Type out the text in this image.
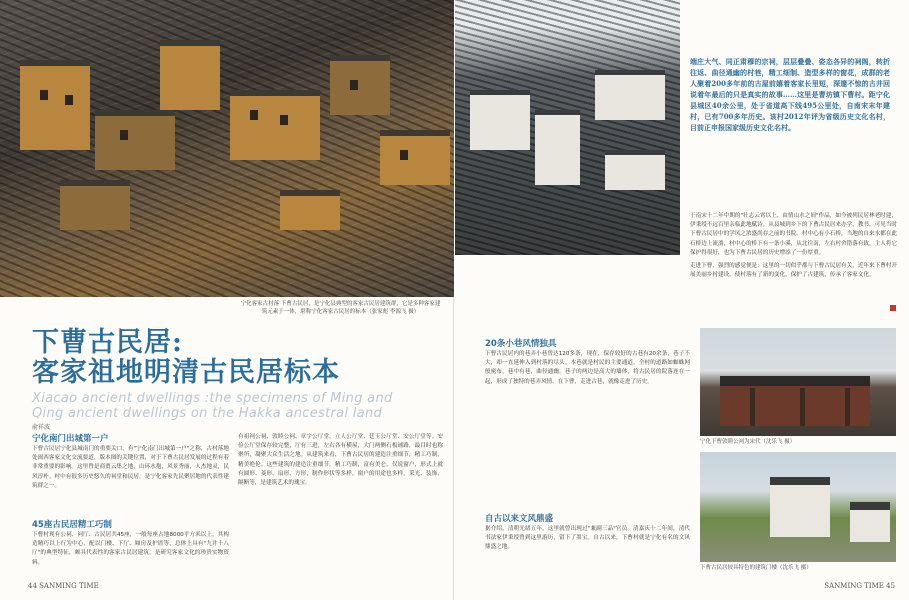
宁化客家古村落 下曹古民居，是宁化县典型的客家古民居建筑群，它是多种客家建筑元素于一体，堪称宁化客家古民居的标本（张家彪 李源飞 摄）
下曹古民居:
客家祖地明清古民居标本
Xiacao ancient dwellings :the specimens of Ming and
Qing ancient dwellings on the Hakka ancestral land
俞祥波
宁化南门出城第一户
下曹古民居宁化县城南门的重要关口，有"宁化南门出城第一户"之称，古村落地处闽西客家文化交流要道，版本图的关键位置，对于下曹古民居发展的过程有着非常重要的影响。这里曾是商贾云集之地，山环水抱，风景秀丽，人杰地灵，民风淳朴。村中有很多历史悠久的祠堂和民居，是宁化客家先民聚居地的代表性建筑群之一。
45座古民居精工巧制
下曹村现有公祠、祠厅、古民居共45座，一般每座占地8000平方米以上，其构造精巧以上行为中心，配以门楼、下厅、厢房及护厝等，总体上具有"九井十八厅"的典型特征，颇具代表性的客家古民居建筑，是研究客家文化的珍贵实物资料。
有祖祠公祠、敦睦公祠、章宇公厅堂，立人公厅堂、廷玉公厅堂、安公厅堂等。安俭公厅堂保存较完整，厅有三进，左右各有横屋，大门两侧石板铺路，最目时也称聚所，凝聚大众生活之地。从建筑来看，下曹古民居的建造注重细节，精工巧制，精美绝伦。这些建筑的建造注重细节。精工巧制，富有美仑，仅说窗户，形式上就有圆形、菱形、扇形、方形，制作形状等多样，窗户的用途也多样，采光、装饰、隔断等，是建筑艺术的瑰宝。
44 SANMING TIME
端庄大气、同正肃穆的宗祠，层层叠叠、姿态各异的祠阁，转折往返、曲径通幽的村巷，精工细制、造型多样的窗花，成群的老人聚着200多年前的古屋前嬉着客家长里短，深邃不惊的古井回说着年最后的只是真实的故事……这里是曹坊镇下曹村。距宁化县城区40余公里，处于省道高下线495公里处，自南宋末年建村，已有700多年历史。该村2012年评为省级历史文化名村，目前正申报国家级历史文化名村。
于南宋十二年中期的"壮志云霄以上，由情山水之间"作品，如今被列民居林老时建，伊秉绶不远百里亲临此地赋诗。从县城到乡下的下曹古民居来办学，教书，可见当时下曹古民居中的学风之浓盛尚存之前的书院。村中心有小石桥，当地的自来水都在此石桥边上流淌，村中心的桥下有一条小溪，从北往南，左右村舍错落有致，主人将它保护得很好，也为下曹古民居的历史增添了一份厚重。
走进下曹，强烈的感觉便是：这里的一切似乎都与下曹古民居有关，近年来下曹村开展美丽乡村建设，使村落有了新的变化，保护了古建筑，传承了客家文化。
20条小巷风情独具
下曹古民居内的巷弄小巷曾达120多条，现在，保存较好的古巷有20余条，巷子不大，却一直延伸入到村落的尽头。本巷就是村民的主要通道，全村的道路如蜘蛛网般密布，巷中有巷，曲径通幽。巷子的两边是高大的墙体，将古民居的院落连在一起，形成了独特的巷弄风情。在下曹，走进古巷，就像走进了历史。
自古以来文风鼎盛
据介绍，清朝光绪五年，这里就曾出现过"兼副三品"官员。清嘉庆十二年间，清代书法家伊秉绶曾到这里游历，留下了墨宝。自古以来，下曹村就是宁化有名的文风鼎盛之地。
宁化下曹敦睦公祠为宋代（沈乐飞 摄）
下曹古民居较具特色的建筑门楼（沈乐飞 摄）
SANMING TIME 45
